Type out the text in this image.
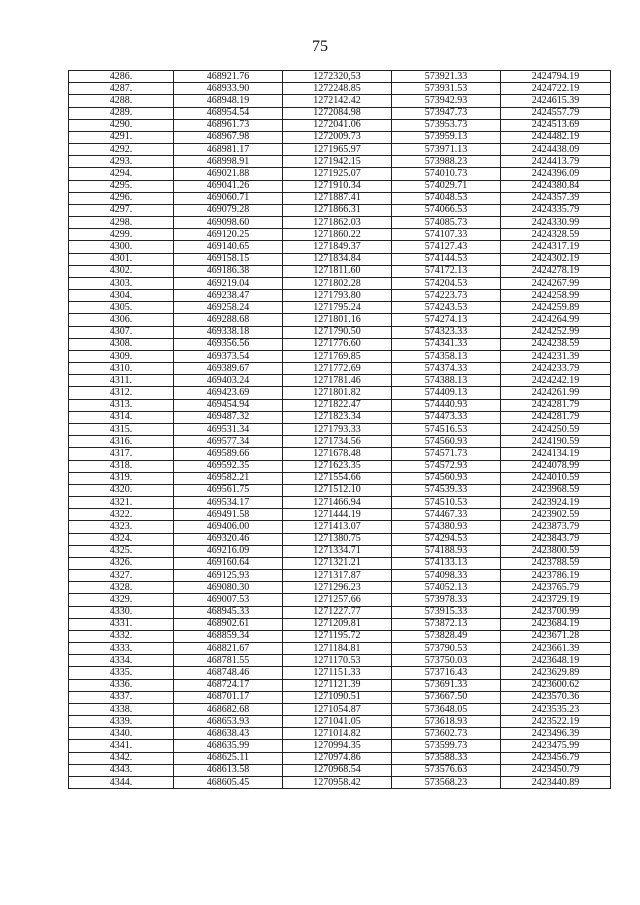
75
4286.	468921.76	1272320,53	573921.33	2424794.19
4287.	468933.90	1272248.85	573931.53	2424722.19
4288.	468948.19	1272142.42	573942.93	2424615.39
4289.	468954.54	1272084.98	573947.73	2424557.79
4290.	468961.73	1272041.06	573953.73	2424513.69
4291.	468967.98	1272009.73	573959.13	2424482.19
4292.	468981.17	1271965.97	573971.13	2424438.09
4293.	468998.91	1271942.15	573988.23	2424413.79
4294.	469021.88	1271925.07	574010.73	2424396.09
4295.	469041.26	1271910.34	574029.71	2424380.84
4296.	469060.71	1271887.41	574048.53	2424357.39
4297.	469079.28	1271866.31	574066.53	2424335.79
4298.	469098.60	1271862.03	574085.73	2424330.99
4299.	469120.25	1271860.22	574107.33	2424328.59
4300.	469140.65	1271849.37	574127.43	2424317.19
4301.	469158.15	1271834.84	574144.53	2424302.19
4302.	469186.38	1271811.60	574172.13	2424278.19
4303.	469219.04	1271802.28	574204.53	2424267.99
4304.	469238.47	1271793.80	574223.73	2424258.99
4305.	469258.24	1271795.24	574243.53	2424259.89
4306.	469288.68	1271801.16	574274.13	2424264.99
4307.	469338.18	1271790.50	574323.33	2424252.99
4308.	469356.56	1271776.60	574341.33	2424238.59
4309.	469373.54	1271769.85	574358.13	2424231.39
4310.	469389.67	1271772.69	574374.33	2424233.79
4311.	469403.24	1271781.46	574388.13	2424242.19
4312.	469423.69	1271801.82	574409.13	2424261.99
4313.	469454.94	1271822.47	574440.93	2424281.79
4314.	469487.32	1271823.34	574473.33	2424281.79
4315.	469531.34	1271793.33	574516.53	2424250.59
4316.	469577.34	1271734.56	574560.93	2424190.59
4317.	469589.66	1271678.48	574571.73	2424134.19
4318.	469592.35	1271623.35	574572.93	2424078.99
4319.	469582.21	1271554.66	574560.93	2424010.59
4320.	469561.75	1271512.10	574539.33	2423968.59
4321.	469534.17	1271466.94	574510.53	2423924.19
4322.	469491.58	1271444.19	574467.33	2423902.59
4323.	469406.00	1271413.07	574380.93	2423873.79
4324.	469320.46	1271380.75	574294.53	2423843.79
4325.	469216.09	1271334.71	574188.93	2423800.59
4326.	469160.64	1271321.21	574133.13	2423788.59
4327.	469125.93	1271317.87	574098.33	2423786.19
4328.	469080.30	1271296.23	574052.13	2423765.79
4329.	469007.53	1271257.66	573978.33	2423729.19
4330.	468945.33	1271227.77	573915.33	2423700.99
4331.	468902.61	1271209.81	573872.13	2423684.19
4332.	468859.34	1271195.72	573828.49	2423671.28
4333.	468821.67	1271184.81	573790.53	2423661.39
4334.	468781.55	1271170.53	573750.03	2423648.19
4335.	468748.46	1271151.33	573716.43	2423629.89
4336.	468724.17	1271121.39	573691.33	2423600.62
4337.	468701.17	1271090.51	573667.50	2423570.36
4338.	468682.68	1271054.87	573648.05	2423535.23
4339.	468653.93	1271041.05	573618.93	2423522.19
4340.	468638.43	1271014.82	573602.73	2423496.39
4341.	468635.99	1270994.35	573599.73	2423475.99
4342.	468625.11	1270974.86	573588.33	2423456.79
4343.	468613.58	1270968.54	573576.63	2423450.79
4344.	468605.45	1270958.42	573568.23	2423440.89
